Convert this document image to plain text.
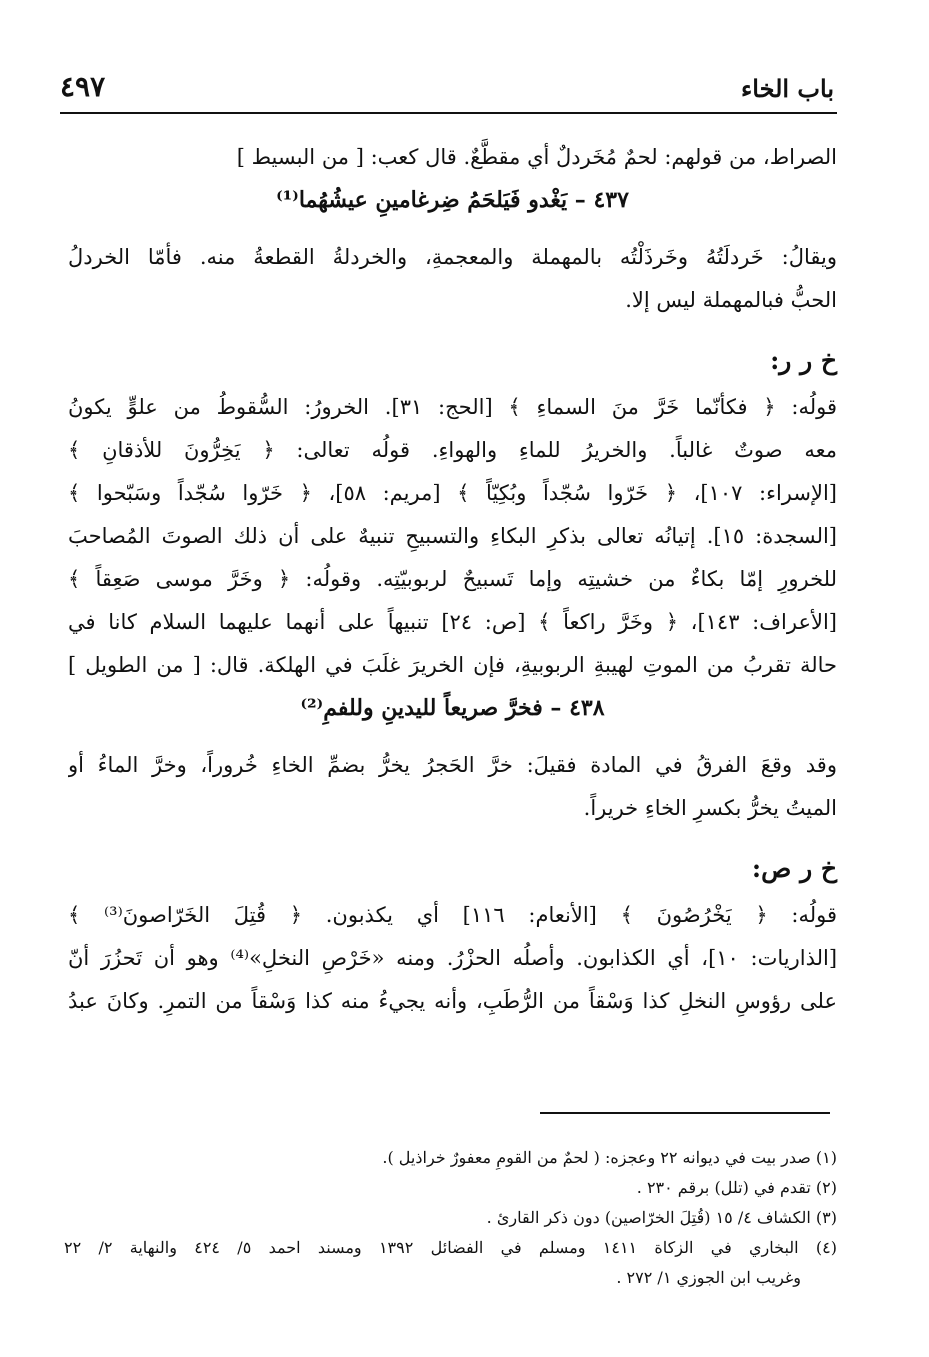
باب الخاء
٤٩٧
الصراط، من قولهم: لحمٌ مُخَردلٌ أي مقطَّعٌ. قال كعب: [ من البسيط ]
٤٣٧ – يَغْدو فَيَلحَمُ ضِرغامينِ عيشُهُما⁽¹⁾
ويقالُ: خَردلَتُهُ وخَرذَلْتُه بالمهملة والمعجمةِ، والخردلةُ القطعةُ منه. فأمّا الخردلُ
الحبُّ فبالمهملة ليس إلا.
خ ر ر:
قولُه: ﴿ فكأنّما خَرَّ منَ السماءِ ﴾ [الحج: ٣١]. الخرورُ: السُّقوطُ من علوٍّ يكونُ
معه صوتٌ غالباً. والخريرُ للماءِ والهواءِ. قولُه تعالى: ﴿ يَخِرُّونَ للأذقانِ ﴾
[الإسراء: ١٠٧]، ﴿ خَرّوا سُجّداً وبُكِيّاً ﴾ [مريم: ٥٨]، ﴿ خَرّوا سُجّداً وسَبّحوا ﴾
[السجدة: ١٥]. إتيانُه تعالى بذكرِ البكاءِ والتسبيحِ تنبيهٌ على أن ذلك الصوتَ المُصاحبَ
للخرورِ إمّا بكاءٌ من خشيتِه وإما تَسبيحٌ لربوبيّتِه. وقولُه: ﴿ وخَرَّ موسى صَعِقاً ﴾
[الأعراف: ١٤٣]، ﴿ وخَرَّ راكعاً ﴾ [ص: ٢٤] تنبيهاً على أنهما عليهما السلام كانا في
حالة تقربُ من الموتِ لهيبةِ الربوبيةِ، فإن الخريرَ غلَبَ في الهلكة. قال: [ من الطويل ]
٤٣٨ – فخرَّ صريعاً لليدينِ وللفمِ⁽²⁾
وقد وقعَ الفرقُ في المادة فقيلَ: خرَّ الحَجرُ يخرُّ بضمِّ الخاءِ خُروراً، وخرَّ الماءُ أو
الميتُ يخرُّ بكسرِ الخاءِ خريراً.
خ ر ص:
قولُه: ﴿ يَخْرُصُونَ ﴾ [الأنعام: ١١٦] أي يكذبون. ﴿ قُتِلَ الخَرّاصونَ⁽³⁾ ﴾
[الذاريات: ١٠]، أي الكذابون. وأصلُه الحزْرُ. ومنه «خَرْصِ النخلِ»⁽⁴⁾ وهو أن تَحزُرَ أنّ
على رؤوسِ النخلِ كذا وَسْقاً من الرُّطَبِ، وأنه يجيءُ منه كذا وَسْقاً من التمرِ. وكانَ عبدُ
(١) صدر بيت في ديوانه ٢٢ وعجزه: ( لحمٌ من القومِ معفورٌ خراذيل ).
(٢) تقدم في (تلل) برقم ٢٣٠ .
(٣) الكشاف ٤/ ١٥ (قُتِلَ الخرّاصين) دون ذكر القارئ .
(٤) البخاري في الزكاة ١٤١١ ومسلم في الفضائل ١٣٩٢ ومسند احمد ٥/ ٤٢٤ والنهاية ٢/ ٢٢
وغريب ابن الجوزي ١/ ٢٧٢ .
